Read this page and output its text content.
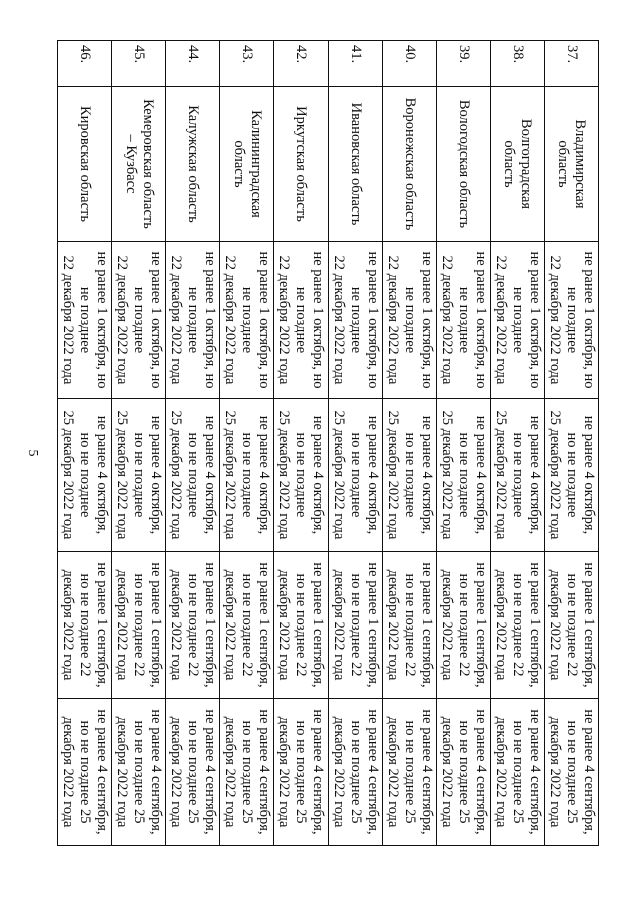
5
37.	Владимирская
область	не ранее 1 октября, но
не позднее
22 декабря 2022 года	не ранее 4 октября,
но не позднее
25 декабря 2022 года	не ранее 1 сентября,
но не позднее 22
декабря 2022 года	не ранее 4 сентября,
но не позднее 25
декабря 2022 года

38.	Волгоградская
область	не ранее 1 октября, но
не позднее
22 декабря 2022 года	не ранее 4 октября,
но не позднее
25 декабря 2022 года	не ранее 1 сентября,
но не позднее 22
декабря 2022 года	не ранее 4 сентября,
но не позднее 25
декабря 2022 года

39.	Вологодская область	не ранее 1 октября, но
не позднее
22 декабря 2022 года	не ранее 4 октября,
но не позднее
25 декабря 2022 года	не ранее 1 сентября,
но не позднее 22
декабря 2022 года	не ранее 4 сентября,
но не позднее 25
декабря 2022 года

40.	Воронежская область	не ранее 1 октября, но
не позднее
22 декабря 2022 года	не ранее 4 октября,
но не позднее
25 декабря 2022 года	не ранее 1 сентября,
но не позднее 22
декабря 2022 года	не ранее 4 сентября,
но не позднее 25
декабря 2022 года

41.	Ивановская область	не ранее 1 октября, но
не позднее
22 декабря 2022 года	не ранее 4 октября,
но не позднее
25 декабря 2022 года	не ранее 1 сентября,
но не позднее 22
декабря 2022 года	не ранее 4 сентября,
но не позднее 25
декабря 2022 года

42.	Иркутская область	не ранее 1 октября, но
не позднее
22 декабря 2022 года	не ранее 4 октября,
но не позднее
25 декабря 2022 года	не ранее 1 сентября,
но не позднее 22
декабря 2022 года	не ранее 4 сентября,
но не позднее 25
декабря 2022 года

43.	Калининградская
область	не ранее 1 октября, но
не позднее
22 декабря 2022 года	не ранее 4 октября,
но не позднее
25 декабря 2022 года	не ранее 1 сентября,
но не позднее 22
декабря 2022 года	не ранее 4 сентября,
но не позднее 25
декабря 2022 года

44.	Калужская область	не ранее 1 октября, но
не позднее
22 декабря 2022 года	не ранее 4 октября,
но не позднее
25 декабря 2022 года	не ранее 1 сентября,
но не позднее 22
декабря 2022 года	не ранее 4 сентября,
но не позднее 25
декабря 2022 года

45.	Кемеровская область
– Кузбасс	не ранее 1 октября, но
не позднее
22 декабря 2022 года	не ранее 4 октября,
но не позднее
25 декабря 2022 года	не ранее 1 сентября,
но не позднее 22
декабря 2022 года	не ранее 4 сентября,
но не позднее 25
декабря 2022 года

46.	Кировская область	не ранее 1 октября, но
не позднее
22 декабря 2022 года	не ранее 4 октября,
но не позднее
25 декабря 2022 года	не ранее 1 сентября,
но не позднее 22
декабря 2022 года	не ранее 4 сентября,
но не позднее 25
декабря 2022 года
